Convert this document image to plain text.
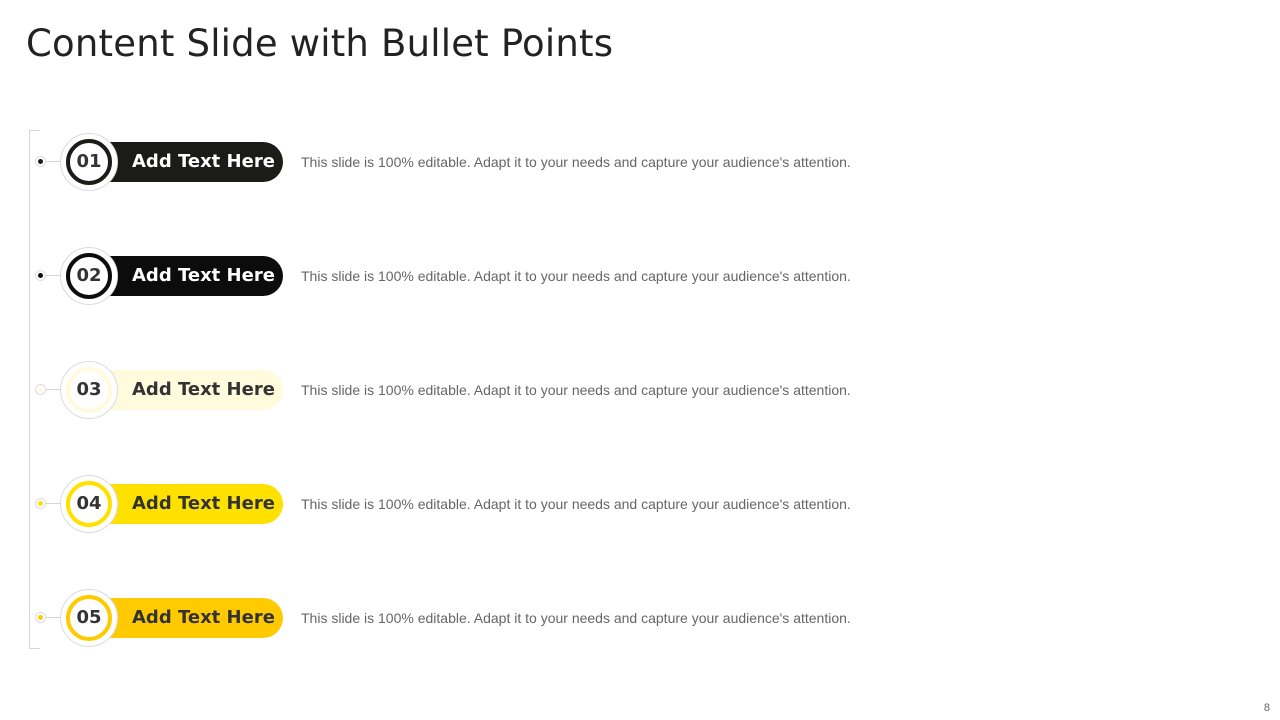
Content Slide with Bullet Points
01	Add Text Here This slide is 100% editable. Adapt it to your needs and capture your audience's attention.
02	Add Text Here This slide is 100% editable. Adapt it to your needs and capture your audience's attention.
03	Add Text Here This slide is 100% editable. Adapt it to your needs and capture your audience's attention.
04	Add Text Here This slide is 100% editable. Adapt it to your needs and capture your audience's attention.
05	Add Text Here This slide is 100% editable. Adapt it to your needs and capture your audience's attention.
8
